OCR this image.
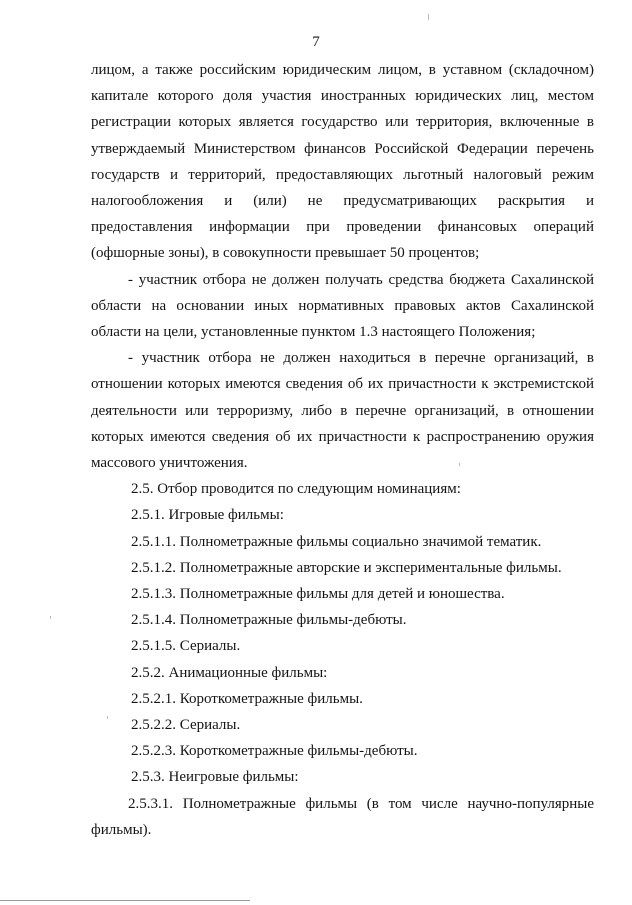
7

лицом, а также российским юридическим лицом, в уставном (складочном) капитале которого доля участия иностранных юридических лиц, местом регистрации которых является государство или территория, включенные в утверждаемый Министерством финансов Российской Федерации перечень государств и территорий, предоставляющих льготный налоговый режим налогообложения и (или) не предусматривающих раскрытия и предоставления информации при проведении финансовых операций (офшорные зоны), в совокупности превышает 50 процентов;

- участник отбора не должен получать средства бюджета Сахалинской области на основании иных нормативных правовых актов Сахалинской области на цели, установленные пунктом 1.3 настоящего Положения;

- участник отбора не должен находиться в перечне организаций, в отношении которых имеются сведения об их причастности к экстремистской деятельности или терроризму, либо в перечне организаций, в отношении которых имеются сведения об их причастности к распространению оружия массового уничтожения.

2.5. Отбор проводится по следующим номинациям:
2.5.1. Игровые фильмы:
2.5.1.1. Полнометражные фильмы социально значимой тематик.
2.5.1.2. Полнометражные авторские и экспериментальные фильмы.
2.5.1.3. Полнометражные фильмы для детей и юношества.
2.5.1.4. Полнометражные фильмы-дебюты.
2.5.1.5. Сериалы.
2.5.2. Анимационные фильмы:
2.5.2.1. Короткометражные фильмы.
2.5.2.2. Сериалы.
2.5.2.3. Короткометражные фильмы-дебюты.
2.5.3. Неигровые фильмы:

2.5.3.1. Полнометражные фильмы (в том числе научно-популярные фильмы).
